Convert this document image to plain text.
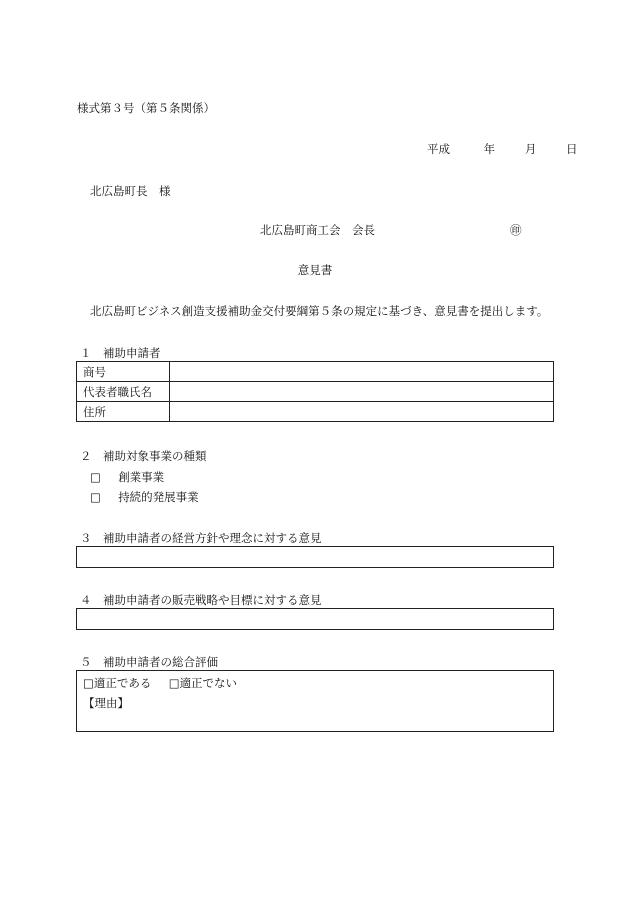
様式第３号（第５条関係）
平成	年	月	日
北広島町長　様
北広島町商工会　会長	㊞
意見書
北広島町ビジネス創造支援補助金交付要綱第５条の規定に基づき、意見書を提出します。
１　補助申請者
商号	
代表者職氏名	
住所	
２　補助対象事業の種類
□ 創業事業
□ 持続的発展事業
３　補助申請者の経営方針や理念に対する意見
４　補助申請者の販売戦略や目標に対する意見
５　補助申請者の総合評価
□適正である □適正でない
【理由】
